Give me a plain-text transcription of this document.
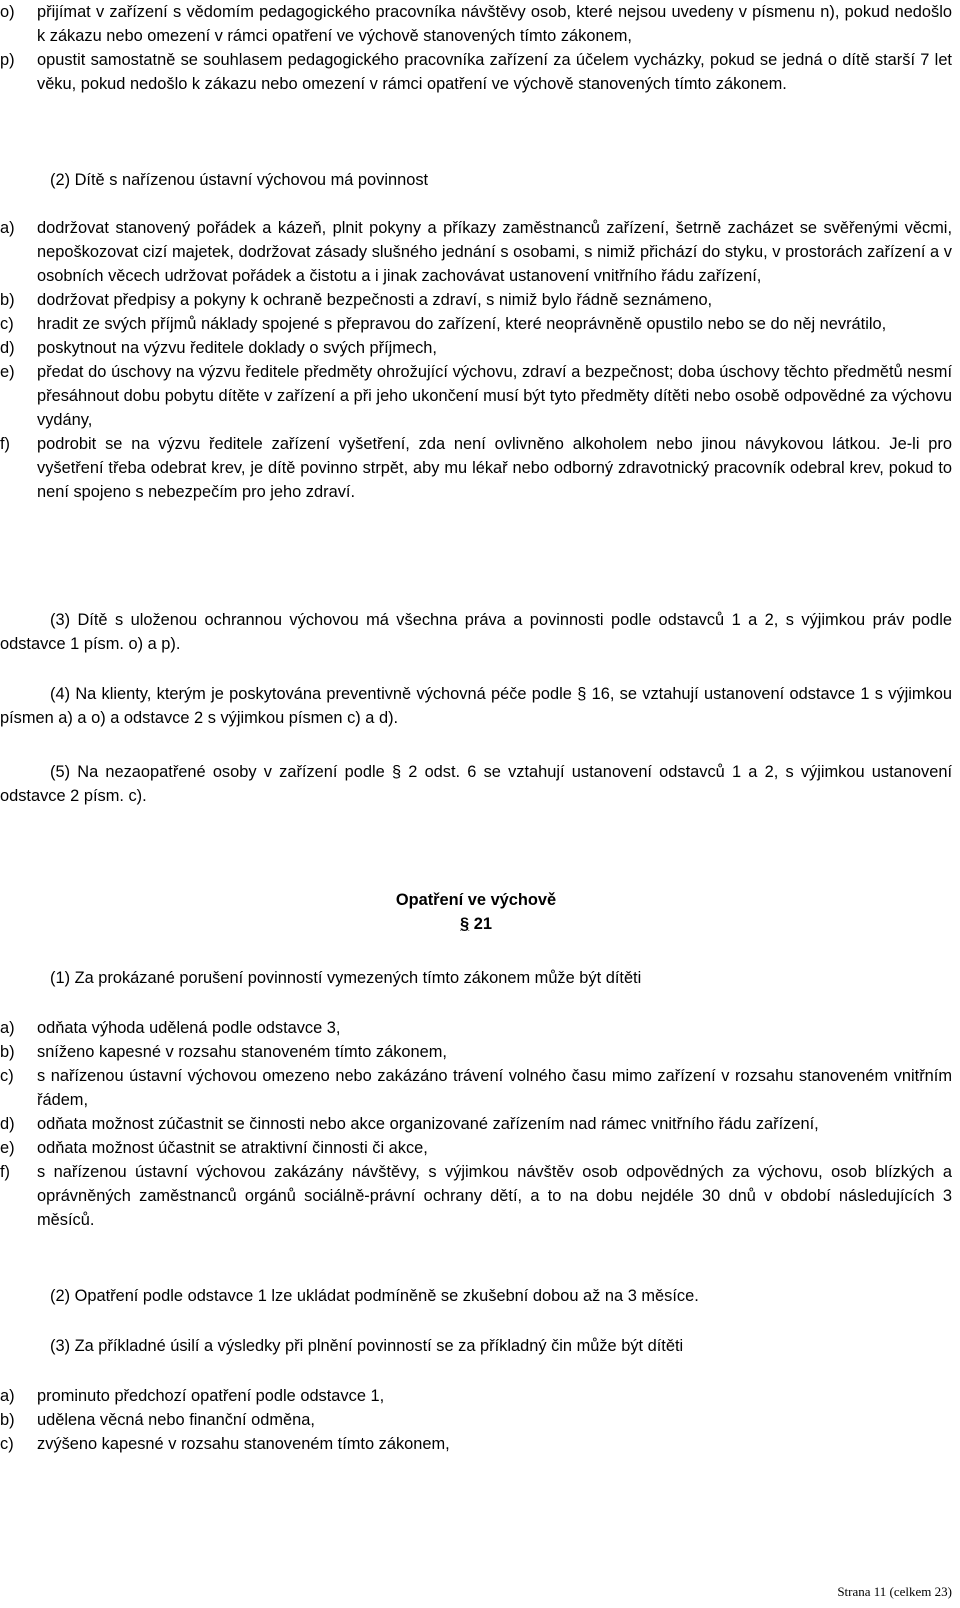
o)	přijímat v zařízení s vědomím pedagogického pracovníka návštěvy osob, které nejsou uvedeny v písmenu n), pokud nedošlo k zákazu nebo omezení v rámci opatření ve výchově stanovených tímto zákonem,
p)	opustit samostatně se souhlasem pedagogického pracovníka zařízení za účelem vycházky, pokud se jedná o dítě starší 7 let věku, pokud nedošlo k zákazu nebo omezení v rámci opatření ve výchově stanovených tímto zákonem.
(2) Dítě s nařízenou ústavní výchovou má povinnost
a)	dodržovat stanovený pořádek a kázeň, plnit pokyny a příkazy zaměstnanců zařízení, šetrně zacházet se svěřenými věcmi, nepoškozovat cizí majetek, dodržovat zásady slušného jednání s osobami, s nimiž přichází do styku, v prostorách zařízení a v osobních věcech udržovat pořádek a čistotu a i jinak zachovávat ustanovení vnitřního řádu zařízení,
b)	dodržovat předpisy a pokyny k ochraně bezpečnosti a zdraví, s nimiž bylo řádně seznámeno,
c)	hradit ze svých příjmů náklady spojené s přepravou do zařízení, které neoprávněně opustilo nebo se do něj nevrátilo,
d)	poskytnout na výzvu ředitele doklady o svých příjmech,
e)	předat do úschovy na výzvu ředitele předměty ohrožující výchovu, zdraví a bezpečnost; doba úschovy těchto předmětů nesmí přesáhnout dobu pobytu dítěte v zařízení a při jeho ukončení musí být tyto předměty dítěti nebo osobě odpovědné za výchovu vydány,
f)	podrobit se na výzvu ředitele zařízení vyšetření, zda není ovlivněno alkoholem nebo jinou návykovou látkou. Je-li pro vyšetření třeba odebrat krev, je dítě povinno strpět, aby mu lékař nebo odborný zdravotnický pracovník odebral krev, pokud to není spojeno s nebezpečím pro jeho zdraví.
(3) Dítě s uloženou ochrannou výchovou má všechna práva a povinnosti podle odstavců 1 a 2, s výjimkou práv podle odstavce 1 písm. o) a p).
(4) Na klienty, kterým je poskytována preventivně výchovná péče podle § 16, se vztahují ustanovení odstavce 1 s výjimkou písmen a) a o) a odstavce 2 s výjimkou písmen c) a d).
(5) Na nezaopatřené osoby v zařízení podle § 2 odst. 6 se vztahují ustanovení odstavců 1 a 2, s výjimkou ustanovení odstavce 2 písm. c).
Opatření ve výchově
§ 21
(1) Za prokázané porušení povinností vymezených tímto zákonem může být dítěti
a)	odňata výhoda udělená podle odstavce 3,
b)	sníženo kapesné v rozsahu stanoveném tímto zákonem,
c)	s nařízenou ústavní výchovou omezeno nebo zakázáno trávení volného času mimo zařízení v rozsahu stanoveném vnitřním řádem,
d)	odňata možnost zúčastnit se činnosti nebo akce organizované zařízením nad rámec vnitřního řádu zařízení,
e)	odňata možnost účastnit se atraktivní činnosti či akce,
f)	s nařízenou ústavní výchovou zakázány návštěvy, s výjimkou návštěv osob odpovědných za výchovu, osob blízkých a oprávněných zaměstnanců orgánů sociálně-právní ochrany dětí, a to na dobu nejdéle 30 dnů v období následujících 3 měsíců.
(2) Opatření podle odstavce 1 lze ukládat podmíněně se zkušební dobou až na 3 měsíce.
(3) Za příkladné úsilí a výsledky při plnění povinností se za příkladný čin může být dítěti
a)	prominuto předchozí opatření podle odstavce 1,
b)	udělena věcná nebo finanční odměna,
c)	zvýšeno kapesné v rozsahu stanoveném tímto zákonem,
Strana 11 (celkem 23)
